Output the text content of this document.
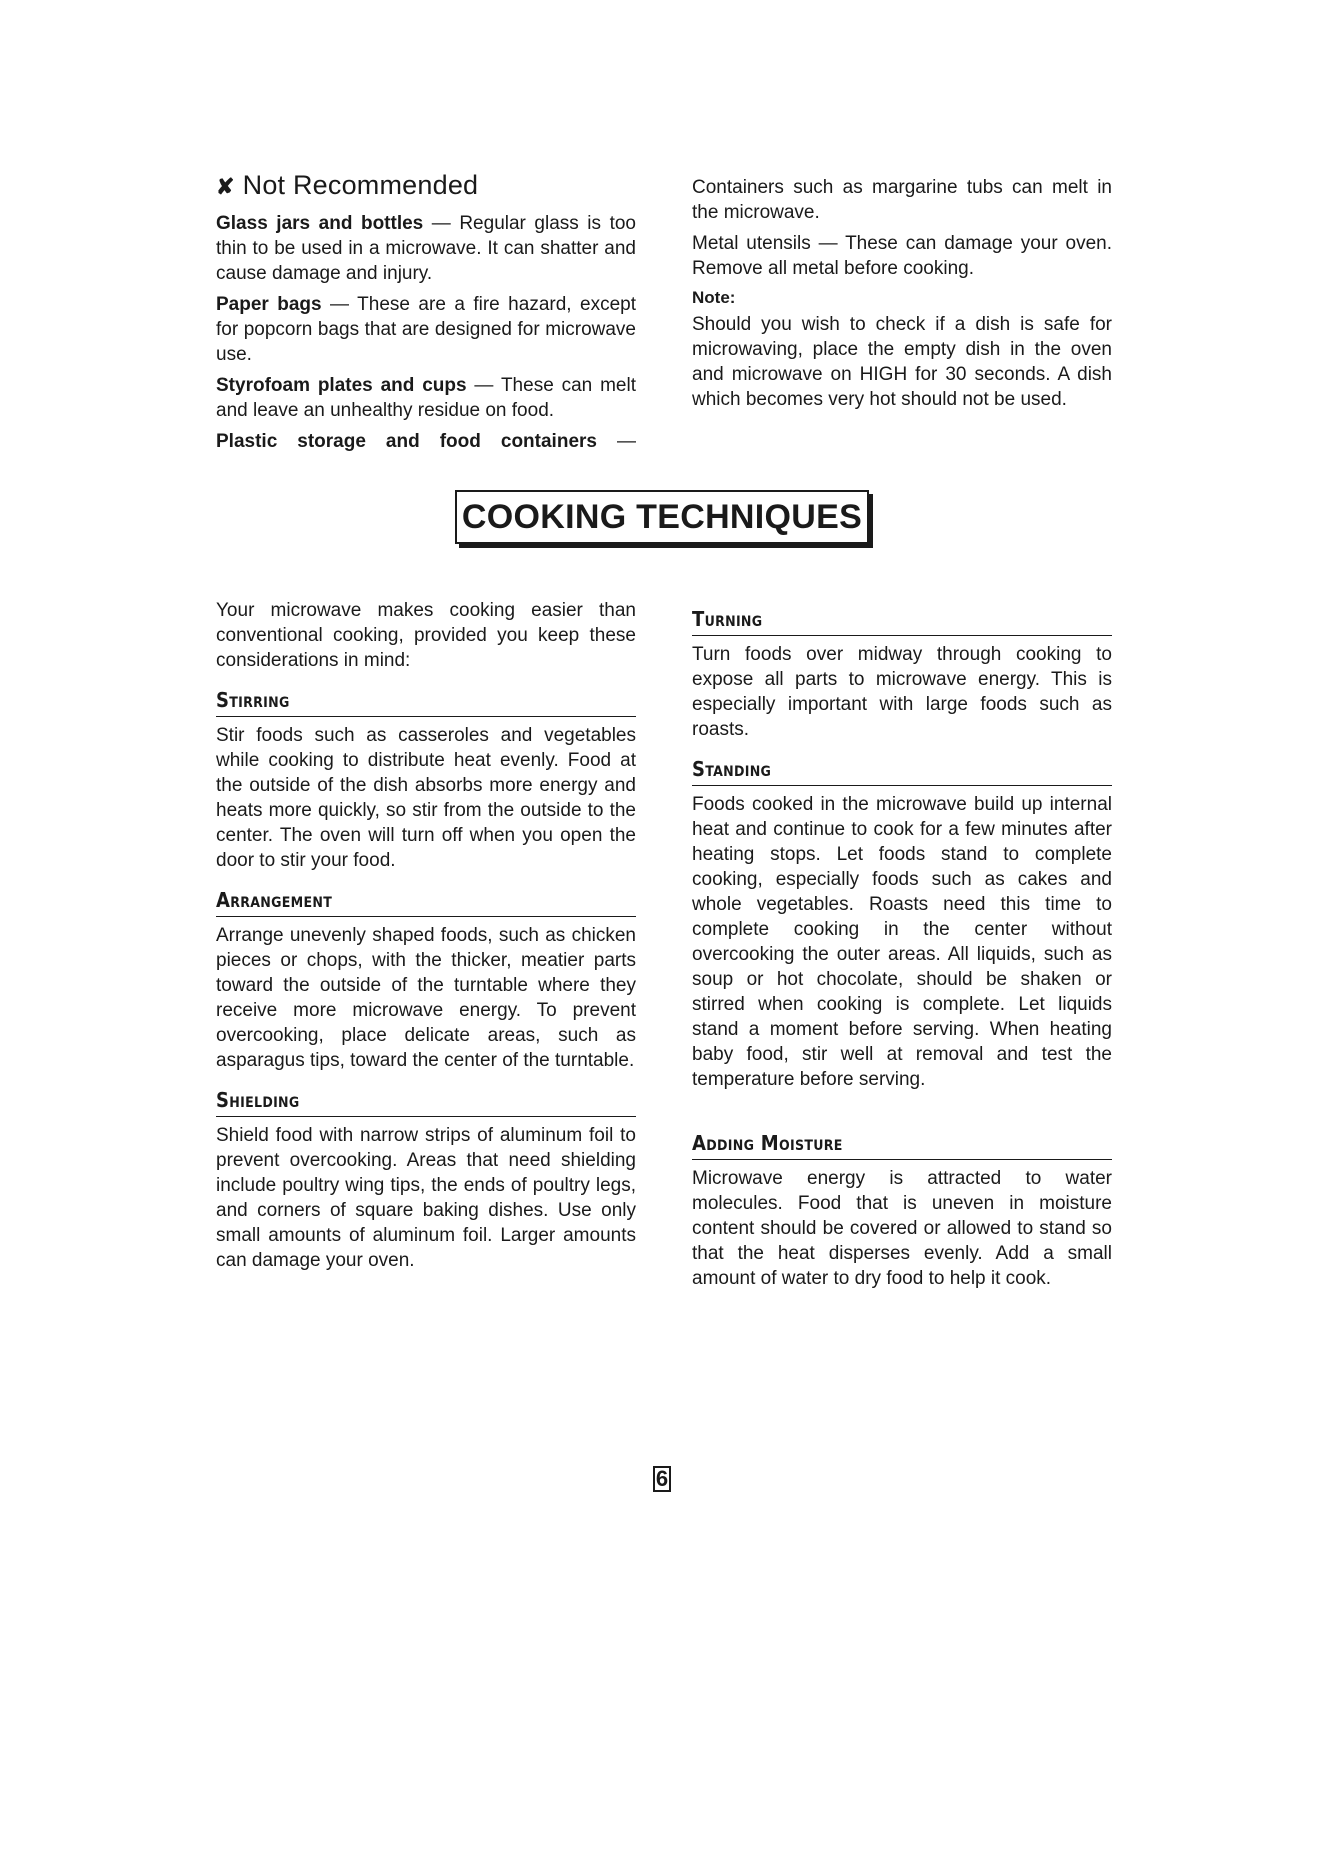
✘ Not Recommended

Glass jars and bottles — Regular glass is too thin to be used in a microwave. It can shatter and cause damage and injury.

Paper bags — These are a fire hazard, except for popcorn bags that are designed for microwave use.

Styrofoam plates and cups — These can melt and leave an unhealthy residue on food.

Plastic storage and food containers —

Containers such as margarine tubs can melt in the microwave.

Metal utensils — These can damage your oven. Remove all metal before cooking.

Note:

Should you wish to check if a dish is safe for microwaving, place the empty dish in the oven and microwave on HIGH for 30 seconds. A dish which becomes very hot should not be used.

COOKING TECHNIQUES

Your microwave makes cooking easier than conventional cooking, provided you keep these considerations in mind:

Stirring

Stir foods such as casseroles and vegetables while cooking to distribute heat evenly. Food at the outside of the dish absorbs more energy and heats more quickly, so stir from the outside to the center. The oven will turn off when you open the door to stir your food.

Arrangement

Arrange unevenly shaped foods, such as chicken pieces or chops, with the thicker, meatier parts toward the outside of the turntable where they receive more microwave energy. To prevent overcooking, place delicate areas, such as asparagus tips, toward the center of the turntable.

Shielding

Shield food with narrow strips of aluminum foil to prevent overcooking. Areas that need shielding include poultry wing tips, the ends of poultry legs, and corners of square baking dishes. Use only small amounts of aluminum foil. Larger amounts can damage your oven.

Turning

Turn foods over midway through cooking to expose all parts to microwave energy. This is especially important with large foods such as roasts.

Standing

Foods cooked in the microwave build up internal heat and continue to cook for a few minutes after heating stops. Let foods stand to complete cooking, especially foods such as cakes and whole vegetables. Roasts need this time to complete cooking in the center without overcooking the outer areas. All liquids, such as soup or hot chocolate, should be shaken or stirred when cooking is complete. Let liquids stand a moment before serving. When heating baby food, stir well at removal and test the temperature before serving.

Adding Moisture

Microwave energy is attracted to water molecules. Food that is uneven in moisture content should be covered or allowed to stand so that the heat disperses evenly. Add a small amount of water to dry food to help it cook.

6
